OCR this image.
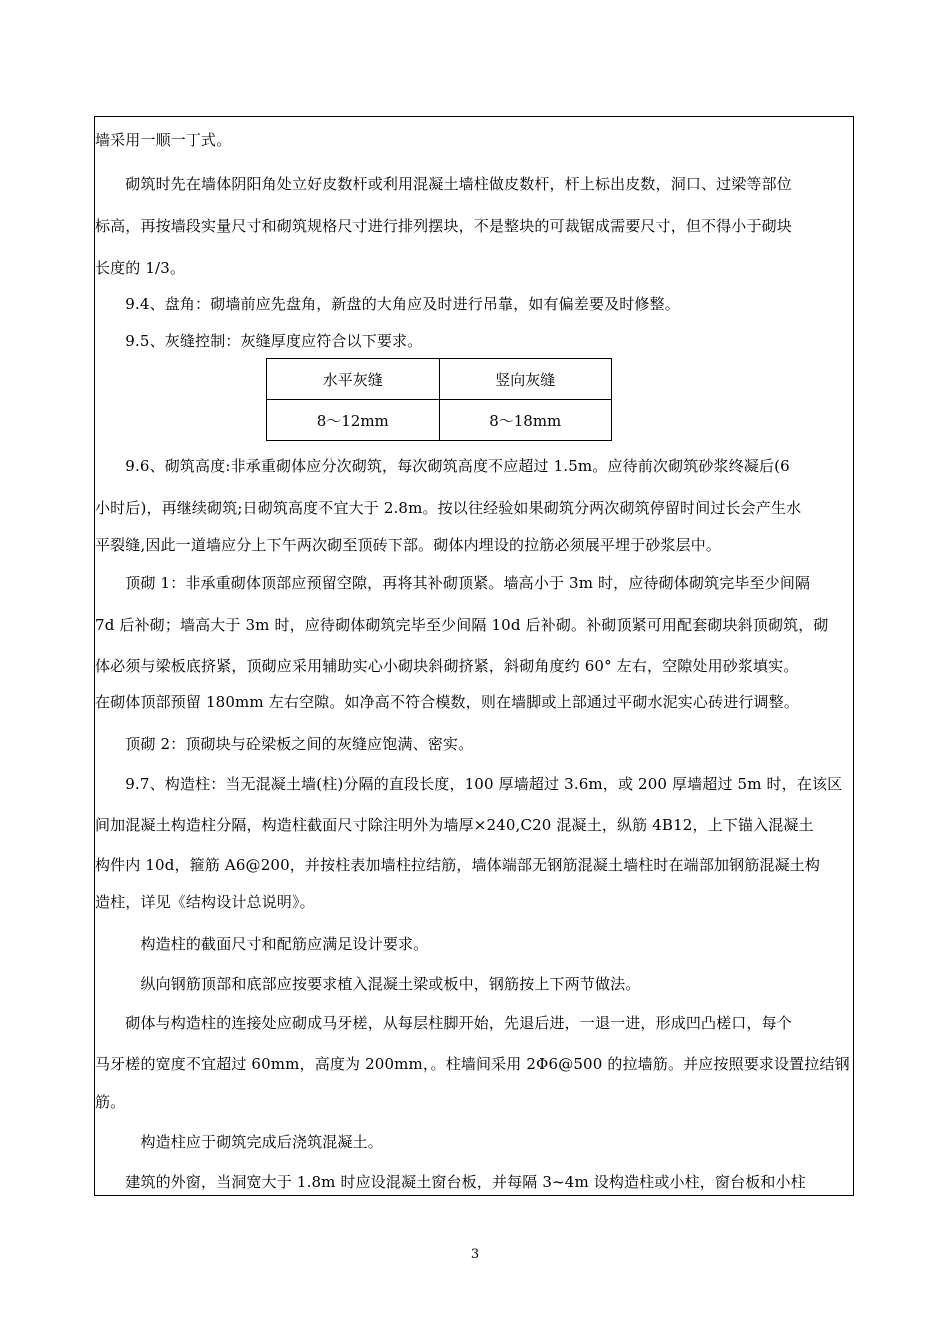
墙采用一顺一丁式。
　　砌筑时先在墙体阴阳角处立好皮数杆或利用混凝土墙柱做皮数杆，杆上标出皮数，洞口、过梁等部位
标高，再按墙段实量尺寸和砌筑规格尺寸进行排列摆块，不是整块的可裁锯成需要尺寸，但不得小于砌块
长度的 1/3。
　　9.4、盘角：砌墙前应先盘角，新盘的大角应及时进行吊靠，如有偏差要及时修整。
　　9.5、灰缝控制：灰缝厚度应符合以下要求。
水平灰缝	竖向灰缝
8～12mm	8～18mm
　　9.6、砌筑高度:非承重砌体应分次砌筑，每次砌筑高度不应超过 1.5m。应待前次砌筑砂浆终凝后(6
小时后)，再继续砌筑;日砌筑高度不宜大于 2.8m。按以往经验如果砌筑分两次砌筑停留时间过长会产生水
平裂缝,因此一道墙应分上下午两次砌至顶砖下部。砌体内埋设的拉筋必须展平埋于砂浆层中。
　　顶砌 1：非承重砌体顶部应预留空隙，再将其补砌顶紧。墙高小于 3m 时，应待砌体砌筑完毕至少间隔
7d 后补砌；墙高大于 3m 时，应待砌体砌筑完毕至少间隔 10d 后补砌。补砌顶紧可用配套砌块斜顶砌筑，砌
体必须与梁板底挤紧，顶砌应采用辅助实心小砌块斜砌挤紧，斜砌角度约 60° 左右，空隙处用砂浆填实。
在砌体顶部预留 180mm 左右空隙。如净高不符合模数，则在墙脚或上部通过平砌水泥实心砖进行调整。
　　顶砌 2：顶砌块与砼梁板之间的灰缝应饱满、密实。
　　9.7、构造柱：当无混凝土墙(柱)分隔的直段长度，100 厚墙超过 3.6m，或 200 厚墙超过 5m 时，在该区
间加混凝土构造柱分隔，构造柱截面尺寸除注明外为墙厚×240,C20 混凝土，纵筋 4B12，上下锚入混凝土
构件内 10d，箍筋 A6@200，并按柱表加墙柱拉结筋，墙体端部无钢筋混凝土墙柱时在端部加钢筋混凝土构
造柱，详见《结构设计总说明》。
　　　构造柱的截面尺寸和配筋应满足设计要求。
　　　纵向钢筋顶部和底部应按要求植入混凝土梁或板中，钢筋按上下两节做法。
　　砌体与构造柱的连接处应砌成马牙槎，从每层柱脚开始，先退后进，一退一进，形成凹凸槎口，每个
马牙槎的宽度不宜超过 60mm，高度为 200mm，。柱墙间采用 2Φ6@500 的拉墙筋。并应按照要求设置拉结钢
筋。
　　　构造柱应于砌筑完成后浇筑混凝土。
　　建筑的外窗，当洞宽大于 1.8m 时应设混凝土窗台板，并每隔 3~4m 设构造柱或小柱，窗台板和小柱
3
